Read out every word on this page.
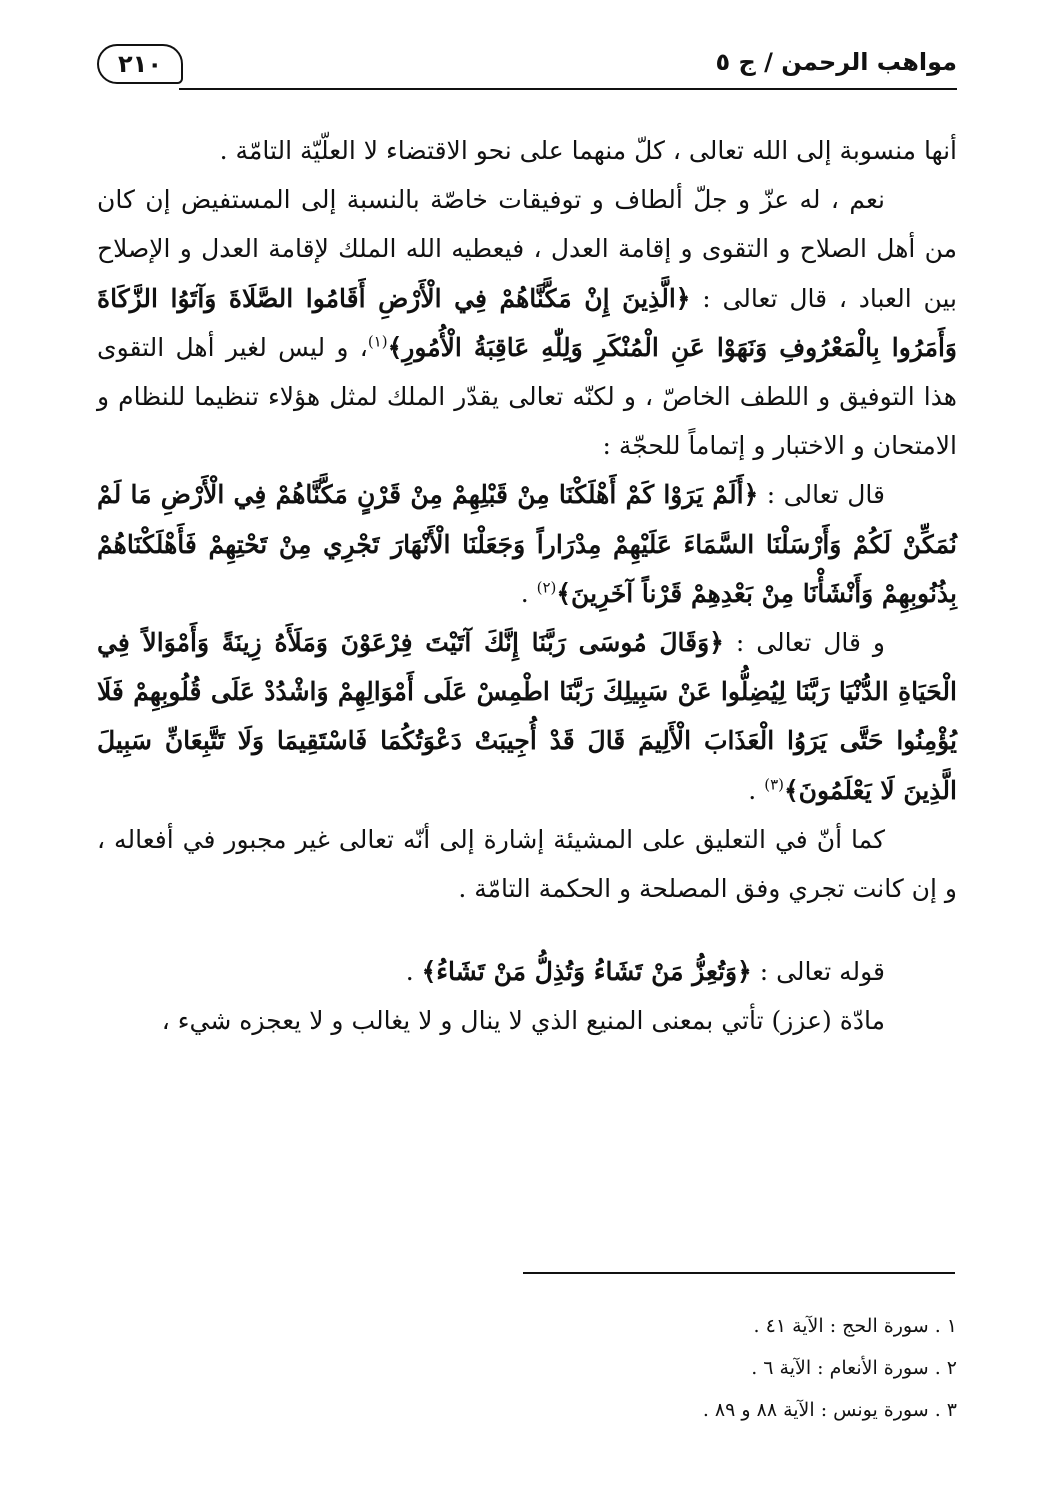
٢١٠	مواهب الرحمن / ج ٥

أنها منسوبة إلى الله تعالى ، كلّ منهما على نحو الاقتضاء لا العلّيّة التامّة .

نعم ، له عزّ و جلّ ألطاف و توفيقات خاصّة بالنسبة إلى المستفيض إن كان من أهل الصلاح و التقوى و إقامة العدل ، فيعطيه الله الملك لإقامة العدل و الإصلاح بين العباد ، قال تعالى : ﴿الَّذِينَ إِنْ مَكَّنَّاهُمْ فِي الْأَرْضِ أَقَامُوا الصَّلَاةَ وَآتَوُا الزَّكَاةَ وَأَمَرُوا بِالْمَعْرُوفِ وَنَهَوْا عَنِ الْمُنْكَرِ وَلِلّٰهِ عَاقِبَةُ الْأُمُورِ﴾$^{(١)}$، و ليس لغير أهل التقوى هذا التوفيق و اللطف الخاصّ ، و لكنّه تعالى يقدّر الملك لمثل هؤلاء تنظيما للنظام و الامتحان و الاختبار و إتماماً للحجّة :

قال تعالى : ﴿أَلَمْ يَرَوْا كَمْ أَهْلَكْنَا مِنْ قَبْلِهِمْ مِنْ قَرْنٍ مَكَّنَّاهُمْ فِي الْأَرْضِ مَا لَمْ نُمَكِّنْ لَكُمْ وَأَرْسَلْنَا السَّمَاءَ عَلَيْهِمْ مِدْرَاراً وَجَعَلْنَا الْأَنْهَارَ تَجْرِي مِنْ تَحْتِهِمْ فَأَهْلَكْنَاهُمْ بِذُنُوبِهِمْ وَأَنْشَأْنَا مِنْ بَعْدِهِمْ قَرْناً آخَرِينَ﴾$^{(٢)}$ .

و قال تعالى : ﴿وَقَالَ مُوسَى رَبَّنَا إِنَّكَ آتَيْتَ فِرْعَوْنَ وَمَلَأَهُ زِينَةً وَأَمْوَالاً فِي الْحَيَاةِ الدُّنْيَا رَبَّنَا لِيُضِلُّوا عَنْ سَبِيلِكَ رَبَّنَا اطْمِسْ عَلَى أَمْوَالِهِمْ وَاشْدُدْ عَلَى قُلُوبِهِمْ فَلَا يُؤْمِنُوا حَتَّى يَرَوُا الْعَذَابَ الْأَلِيمَ قَالَ قَدْ أُجِيبَتْ دَعْوَتُكُمَا فَاسْتَقِيمَا وَلَا تَتَّبِعَانِّ سَبِيلَ الَّذِينَ لَا يَعْلَمُونَ﴾$^{(٣)}$ .

كما أنّ في التعليق على المشيئة إشارة إلى أنّه تعالى غير مجبور في أفعاله ، و إن كانت تجري وفق المصلحة و الحكمة التامّة .

قوله تعالى : ﴿وَتُعِزُّ مَنْ تَشَاءُ وَتُذِلُّ مَنْ تَشَاءُ﴾ .

مادّة (عزز) تأتي بمعنى المنيع الذي لا ينال و لا يغالب و لا يعجزه شيء ،

١ . سورة الحج : الآية ٤١ .

٢ . سورة الأنعام : الآية ٦ .

٣ . سورة يونس : الآية ٨٨ و ٨٩ .
